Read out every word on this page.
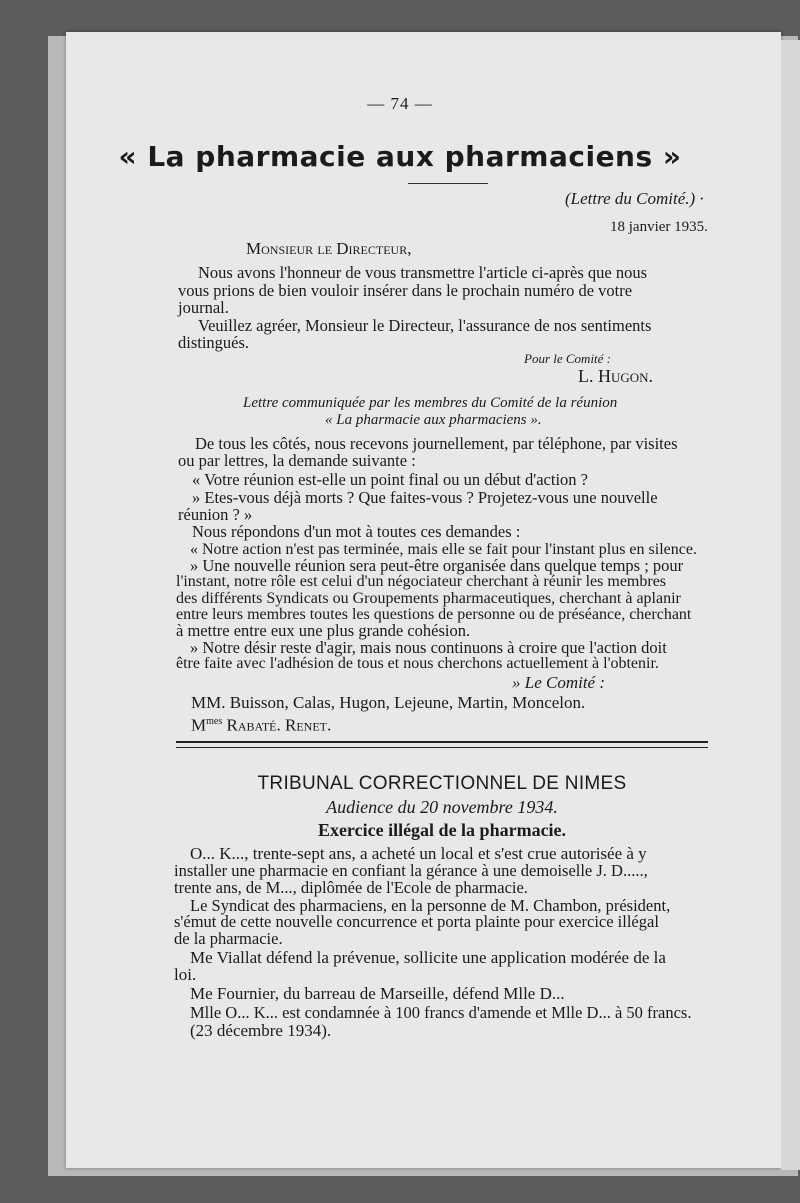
— 74 —
« La pharmacie aux pharmaciens »
(Lettre du Comité.) ·
18 janvier 1935.
Monsieur le Directeur,
Nous avons l'honneur de vous transmettre l'article ci-après que nous
vous prions de bien vouloir insérer dans le prochain numéro de votre
journal.
Veuillez agréer, Monsieur le Directeur, l'assurance de nos sentiments
distingués.
Pour le Comité :
L. Hugon.
Lettre communiquée par les membres du Comité de la réunion
« La pharmacie aux pharmaciens ».
De tous les côtés, nous recevons journellement, par téléphone, par visites
ou par lettres, la demande suivante :
« Votre réunion est-elle un point final ou un début d'action ?
» Etes-vous déjà morts ? Que faites-vous ? Projetez-vous une nouvelle
réunion ? »
Nous répondons d'un mot à toutes ces demandes :
« Notre action n'est pas terminée, mais elle se fait pour l'instant plus en silence.
» Une nouvelle réunion sera peut-être organisée dans quelque temps ; pour
l'instant, notre rôle est celui d'un négociateur cherchant à réunir les membres
des différents Syndicats ou Groupements pharmaceutiques, cherchant à aplanir
entre leurs membres toutes les questions de personne ou de préséance, cherchant
à mettre entre eux une plus grande cohésion.
» Notre désir reste d'agir, mais nous continuons à croire que l'action doit
être faite avec l'adhésion de tous et nous cherchons actuellement à l'obtenir.
» Le Comité :
MM. Buisson, Calas, Hugon, Lejeune, Martin, Moncelon.
$M^{mes}$ Rabaté. Renet.
TRIBUNAL CORRECTIONNEL DE NIMES
Audience du 20 novembre 1934.
Exercice illégal de la pharmacie.
O... K..., trente-sept ans, a acheté un local et s'est crue autorisée à y
installer une pharmacie en confiant la gérance à une demoiselle J. D.....,
trente ans, de M..., diplômée de l'Ecole de pharmacie.
Le Syndicat des pharmaciens, en la personne de M. Chambon, président,
s'émut de cette nouvelle concurrence et porta plainte pour exercice illégal
de la pharmacie.
Me Viallat défend la prévenue, sollicite une application modérée de la
loi.
Me Fournier, du barreau de Marseille, défend Mlle D...
Mlle O... K... est condamnée à 100 francs d'amende et Mlle D... à 50 francs.
(23 décembre 1934).
